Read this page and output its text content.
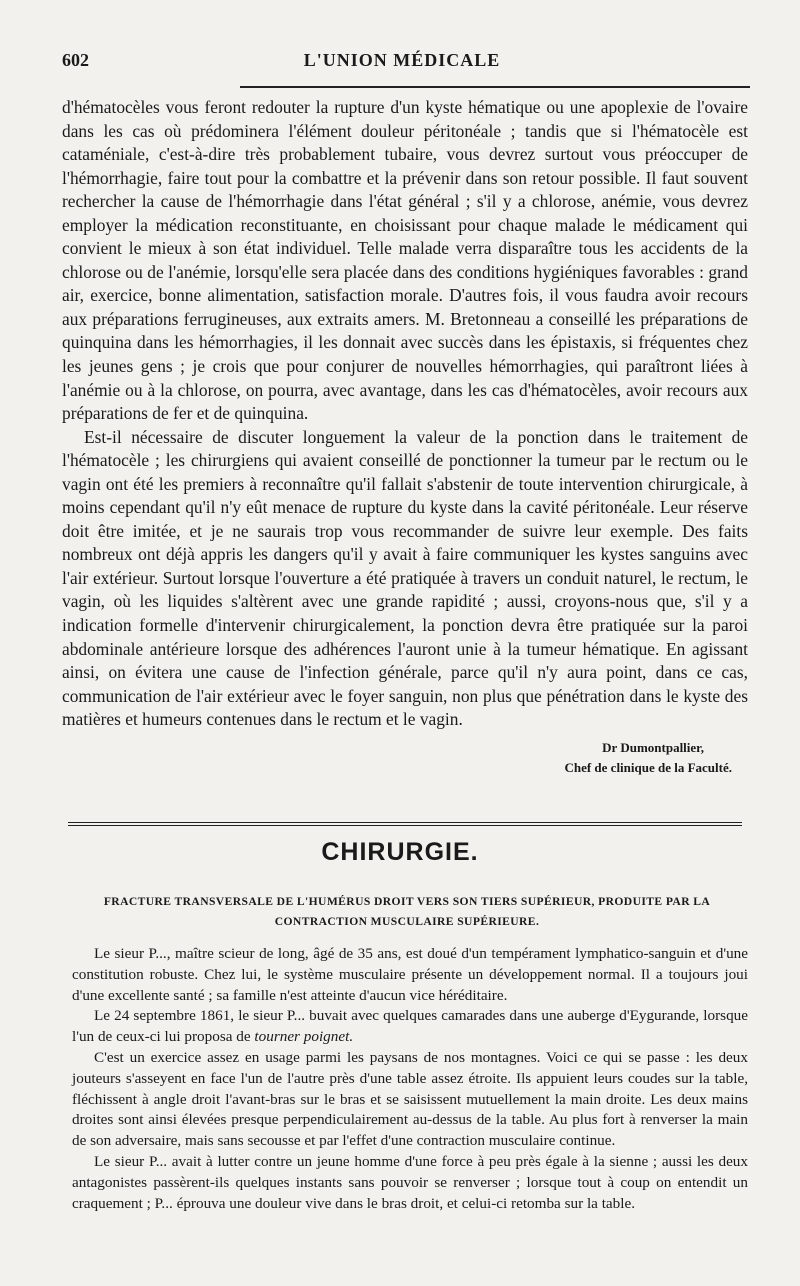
602	L'UNION MÉDICALE

d'hématocèles vous feront redouter la rupture d'un kyste hématique ou une apoplexie de l'ovaire dans les cas où prédominera l'élément douleur péritonéale ; tandis que si l'hématocèle est cataméniale, c'est-à-dire très probablement tubaire, vous devrez surtout vous préoccuper de l'hémorrhagie, faire tout pour la combattre et la prévenir dans son retour possible. Il faut souvent rechercher la cause de l'hémorrhagie dans l'état général ; s'il y a chlorose, anémie, vous devrez employer la médication reconstituante, en choisissant pour chaque malade le médicament qui convient le mieux à son état individuel. Telle malade verra disparaître tous les accidents de la chlorose ou de l'anémie, lorsqu'elle sera placée dans des conditions hygiéniques favorables : grand air, exercice, bonne alimentation, satisfaction morale. D'autres fois, il vous faudra avoir recours aux préparations ferrugineuses, aux extraits amers. M. Bretonneau a conseillé les préparations de quinquina dans les hémorrhagies, il les donnait avec succès dans les épistaxis, si fréquentes chez les jeunes gens ; je crois que pour conjurer de nouvelles hémorrhagies, qui paraîtront liées à l'anémie ou à la chlorose, on pourra, avec avantage, dans les cas d'hématocèles, avoir recours aux préparations de fer et de quinquina.

Est-il nécessaire de discuter longuement la valeur de la ponction dans le traitement de l'hématocèle ; les chirurgiens qui avaient conseillé de ponctionner la tumeur par le rectum ou le vagin ont été les premiers à reconnaître qu'il fallait s'abstenir de toute intervention chirurgicale, à moins cependant qu'il n'y eût menace de rupture du kyste dans la cavité péritonéale. Leur réserve doit être imitée, et je ne saurais trop vous recommander de suivre leur exemple. Des faits nombreux ont déjà appris les dangers qu'il y avait à faire communiquer les kystes sanguins avec l'air extérieur. Surtout lorsque l'ouverture a été pratiquée à travers un conduit naturel, le rectum, le vagin, où les liquides s'altèrent avec une grande rapidité ; aussi, croyons-nous que, s'il y a indication formelle d'intervenir chirurgicalement, la ponction devra être pratiquée sur la paroi abdominale antérieure lorsque des adhérences l'auront unie à la tumeur hématique. En agissant ainsi, on évitera une cause de l'infection générale, parce qu'il n'y aura point, dans ce cas, communication de l'air extérieur avec le foyer sanguin, non plus que pénétration dans le kyste des matières et humeurs contenues dans le rectum et le vagin.

Dr Dumontpallier,
Chef de clinique de la Faculté.
CHIRURGIE.
FRACTURE TRANSVERSALE DE L'HUMÉRUS DROIT VERS SON TIERS SUPÉRIEUR, PRODUITE PAR LA CONTRACTION MUSCULAIRE SUPÉRIEURE.

Le sieur P..., maître scieur de long, âgé de 35 ans, est doué d'un tempérament lymphatico-sanguin et d'une constitution robuste. Chez lui, le système musculaire présente un développement normal. Il a toujours joui d'une excellente santé ; sa famille n'est atteinte d'aucun vice héréditaire.

Le 24 septembre 1861, le sieur P... buvait avec quelques camarades dans une auberge d'Eygurande, lorsque l'un de ceux-ci lui proposa de tourner poignet.

C'est un exercice assez en usage parmi les paysans de nos montagnes. Voici ce qui se passe : les deux jouteurs s'asseyent en face l'un de l'autre près d'une table assez étroite. Ils appuient leurs coudes sur la table, fléchissent à angle droit l'avant-bras sur le bras et se saisissent mutuellement la main droite. Les deux mains droites sont ainsi élevées presque perpendiculairement au-dessus de la table. Au plus fort à renverser la main de son adversaire, mais sans secousse et par l'effet d'une contraction musculaire continue.

Le sieur P... avait à lutter contre un jeune homme d'une force à peu près égale à la sienne ; aussi les deux antagonistes passèrent-ils quelques instants sans pouvoir se renverser ; lorsque tout à coup on entendit un craquement ; P... éprouva une douleur vive dans le bras droit, et celui-ci retomba sur la table.
